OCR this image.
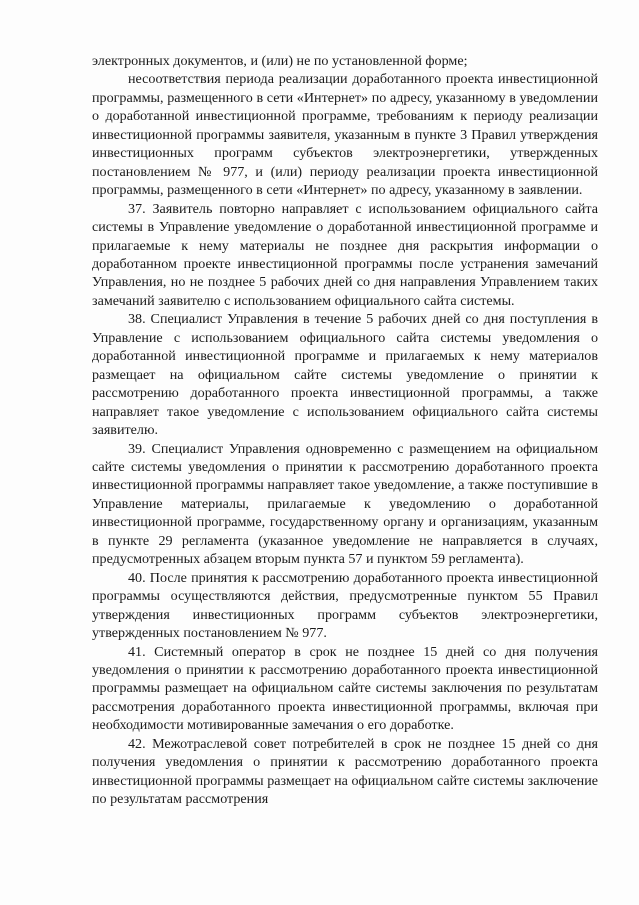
электронных документов, и (или) не по установленной форме;

несоответствия периода реализации доработанного проекта инвестиционной программы, размещенного в сети «Интернет» по адресу, указанному в уведомлении о доработанной инвестиционной программе, требованиям к периоду реализации инвестиционной программы заявителя, указанным в пункте 3 Правил утверждения инвестиционных программ субъектов электроэнергетики, утвержденных постановлением № 977, и (или) периоду реализации проекта инвестиционной программы, размещенного в сети «Интернет» по адресу, указанному в заявлении.

37. Заявитель повторно направляет с использованием официального сайта системы в Управление уведомление о доработанной инвестиционной программе и прилагаемые к нему материалы не позднее дня раскрытия информации о доработанном проекте инвестиционной программы после устранения замечаний Управления, но не позднее 5 рабочих дней со дня направления Управлением таких замечаний заявителю с использованием официального сайта системы.

38. Специалист Управления в течение 5 рабочих дней со дня поступления в Управление с использованием официального сайта системы уведомления о доработанной инвестиционной программе и прилагаемых к нему материалов размещает на официальном сайте системы уведомление о принятии к рассмотрению доработанного проекта инвестиционной программы, а также направляет такое уведомление с использованием официального сайта системы заявителю.

39. Специалист Управления одновременно с размещением на официальном сайте системы уведомления о принятии к рассмотрению доработанного проекта инвестиционной программы направляет такое уведомление, а также поступившие в Управление материалы, прилагаемые к уведомлению о доработанной инвестиционной программе, государственному органу и организациям, указанным в пункте 29 регламента (указанное уведомление не направляется в случаях, предусмотренных абзацем вторым пункта 57 и пунктом 59 регламента).

40. После принятия к рассмотрению доработанного проекта инвестиционной программы осуществляются действия, предусмотренные пунктом 55 Правил утверждения инвестиционных программ субъектов электроэнергетики, утвержденных постановлением № 977.

41. Системный оператор в срок не позднее 15 дней со дня получения уведомления о принятии к рассмотрению доработанного проекта инвестиционной программы размещает на официальном сайте системы заключения по результатам рассмотрения доработанного проекта инвестиционной программы, включая при необходимости мотивированные замечания о его доработке.

42. Межотраслевой совет потребителей в срок не позднее 15 дней со дня получения уведомления о принятии к рассмотрению доработанного проекта инвестиционной программы размещает на официальном сайте системы заключение по результатам рассмотрения
